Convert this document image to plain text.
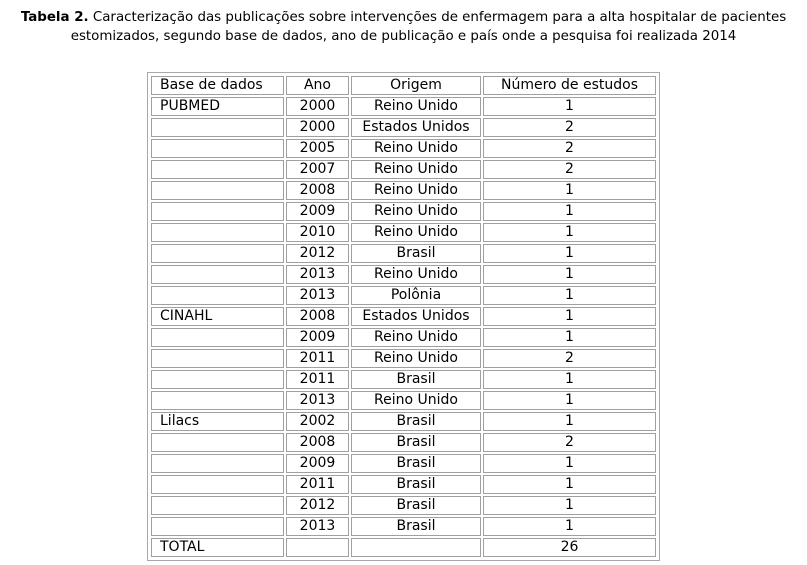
Tabela 2. Caracterização das publicações sobre intervenções de enfermagem para a alta hospitalar de pacientes
estomizados, segundo base de dados, ano de publicação e país onde a pesquisa foi realizada 2014
Base de dados	Ano	Origem	Número de estudos
PUBMED	2000	Reino Unido	1
	2000	Estados Unidos	2
	2005	Reino Unido	2
	2007	Reino Unido	2
	2008	Reino Unido	1
	2009	Reino Unido	1
	2010	Reino Unido	1
	2012	Brasil	1
	2013	Reino Unido	1
	2013	Polônia	1
CINAHL	2008	Estados Unidos	1
	2009	Reino Unido	1
	2011	Reino Unido	2
	2011	Brasil	1
	2013	Reino Unido	1
Lilacs	2002	Brasil	1
	2008	Brasil	2
	2009	Brasil	1
	2011	Brasil	1
	2012	Brasil	1
	2013	Brasil	1
TOTAL			26
